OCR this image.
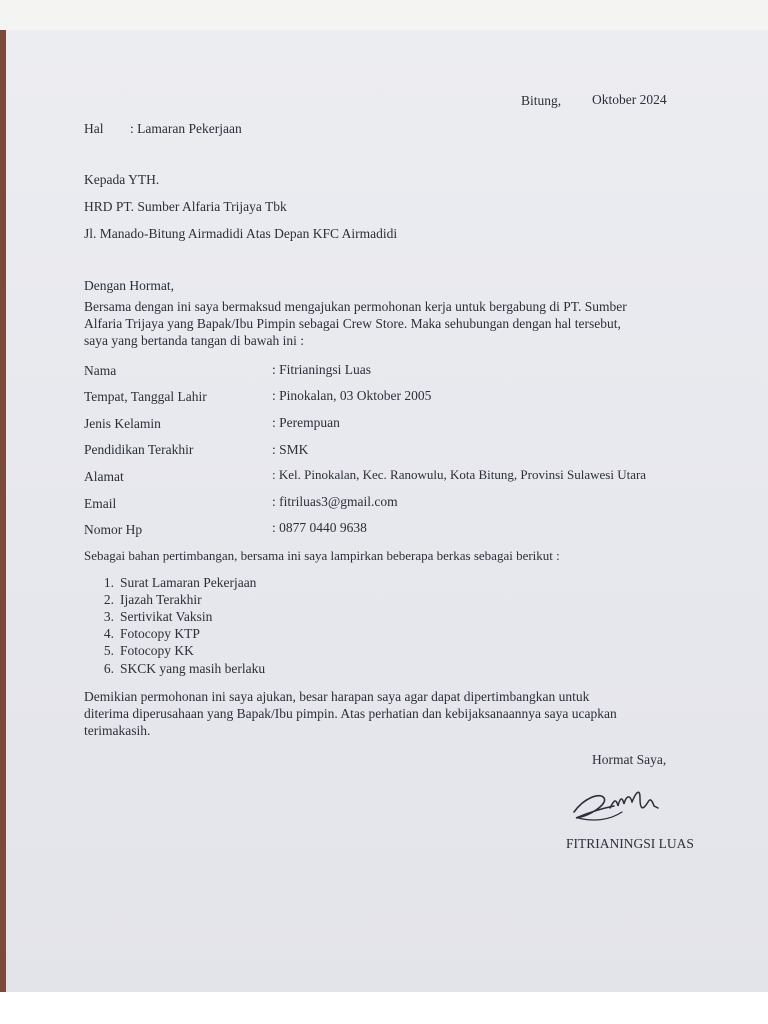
Bitung, Oktober 2024
Hal : Lamaran Pekerjaan
Kepada YTH.
HRD PT. Sumber Alfaria Trijaya Tbk
Jl. Manado-Bitung Airmadidi Atas Depan KFC Airmadidi
Dengan Hormat,
Bersama dengan ini saya bermaksud mengajukan permohonan kerja untuk bergabung di PT. Sumber
Alfaria Trijaya yang Bapak/Ibu Pimpin sebagai Crew Store. Maka sehubungan dengan hal tersebut,
saya yang bertanda tangan di bawah ini :
Nama	: Fitrianingsi Luas
Tempat, Tanggal Lahir	: Pinokalan, 03 Oktober 2005
Jenis Kelamin	: Perempuan
Pendidikan Terakhir	: SMK
Alamat	: Kel. Pinokalan, Kec. Ranowulu, Kota Bitung, Provinsi Sulawesi Utara
Email	: fitriluas3@gmail.com
Nomor Hp	: 0877 0440 9638
Sebagai bahan pertimbangan, bersama ini saya lampirkan beberapa berkas sebagai berikut :
1. Surat Lamaran Pekerjaan
2. Ijazah Terakhir
3. Sertivikat Vaksin
4. Fotocopy KTP
5. Fotocopy KK
6. SKCK yang masih berlaku
Demikian permohonan ini saya ajukan, besar harapan saya agar dapat dipertimbangkan untuk
diterima diperusahaan yang Bapak/Ibu pimpin. Atas perhatian dan kebijaksanaannya saya ucapkan
terimakasih.
Hormat Saya,
FITRIANINGSI LUAS
